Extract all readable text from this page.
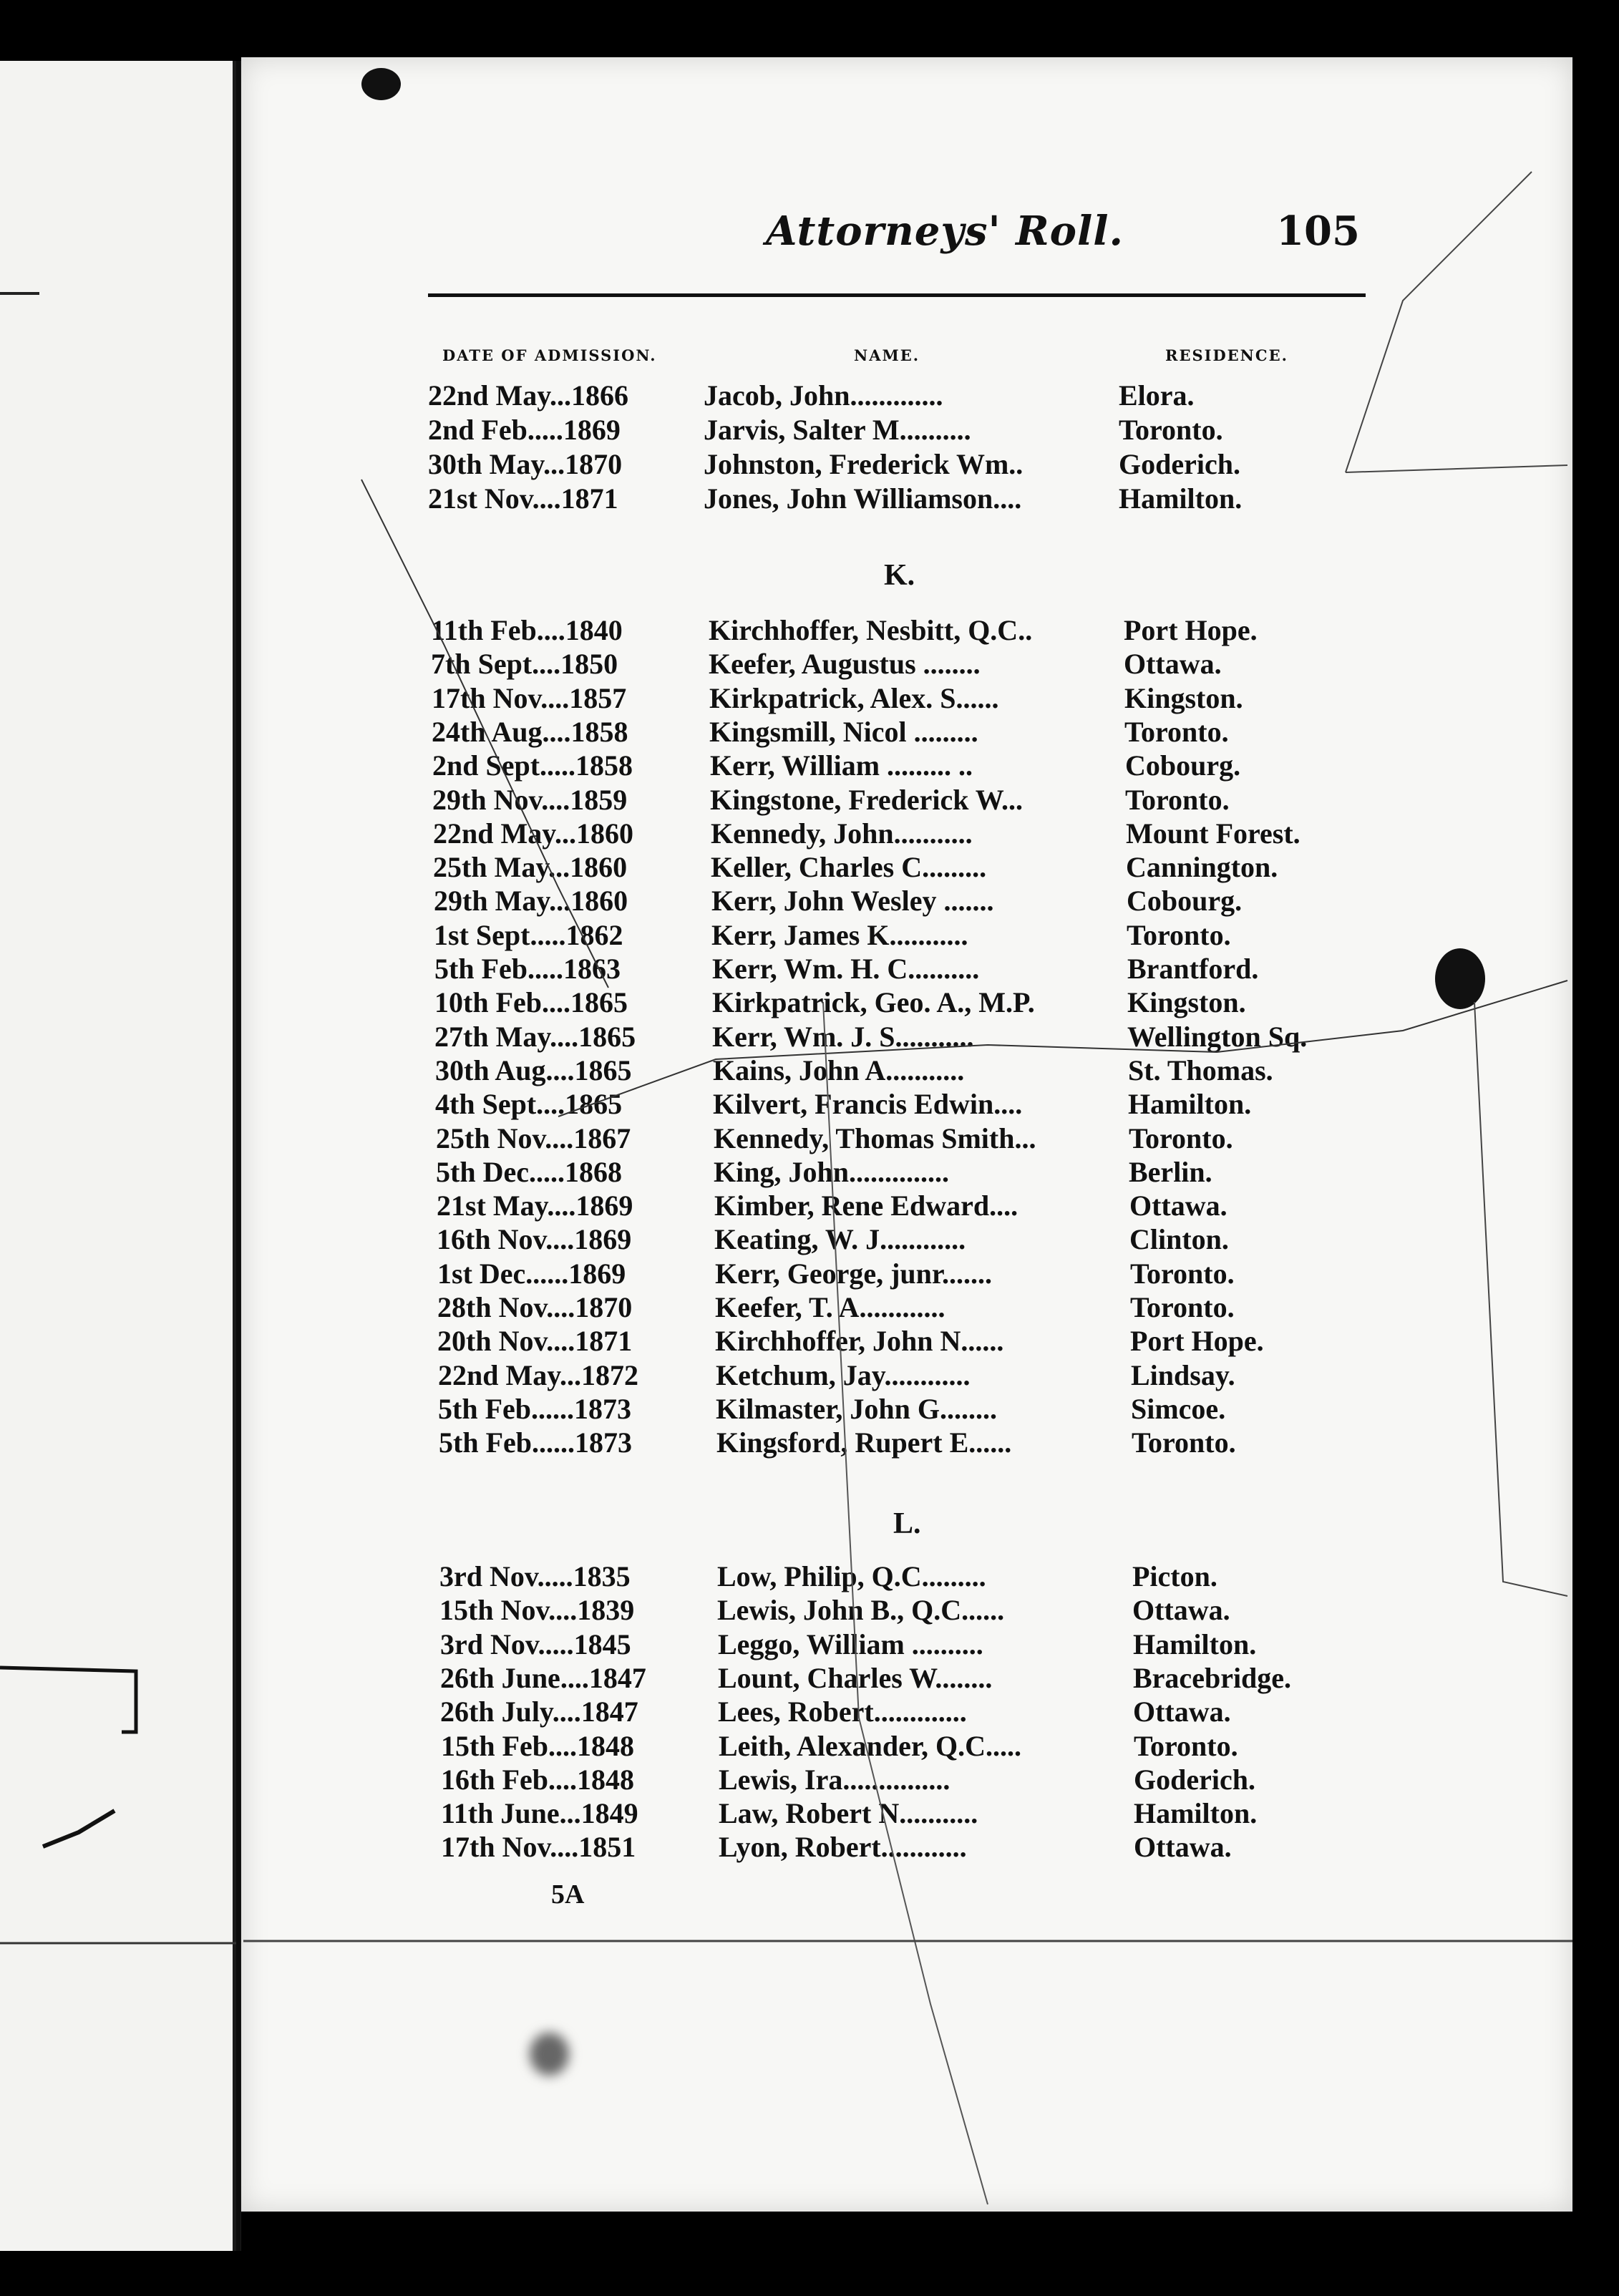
Attorneys' Roll.	105
DATE OF ADMISSION.	NAME.	RESIDENCE.
22nd May...1866	Jacob, John.............	Elora.
2nd Feb.....1869	Jarvis, Salter M..........	Toronto.
30th May...1870	Johnston, Frederick Wm..	Goderich.
21st Nov....1871	Jones, John Williamson....	Hamilton.
K.
11th Feb....1840	Kirchhoffer, Nesbitt, Q.C..	Port Hope.
7th Sept....1850	Keefer, Augustus ........	Ottawa.
17th Nov....1857	Kirkpatrick, Alex. S......	Kingston.
24th Aug....1858	Kingsmill, Nicol .........	Toronto.
2nd Sept.....1858	Kerr, William ......... ..	Cobourg.
29th Nov....1859	Kingstone, Frederick W...	Toronto.
22nd May...1860	Kennedy, John...........	Mount Forest.
25th May...1860	Keller, Charles C.........	Cannington.
29th May...1860	Kerr, John Wesley .......	Cobourg.
1st Sept.....1862	Kerr, James K...........	Toronto.
5th Feb.....1863	Kerr, Wm. H. C..........	Brantford.
10th Feb....1865	Kirkpatrick, Geo. A., M.P.	Kingston.
27th May....1865	Kerr, Wm. J. S...........	Wellington Sq.
30th Aug....1865	Kains, John A...........	St. Thomas.
4th Sept....1865	Kilvert, Francis Edwin....	Hamilton.
25th Nov....1867	Kennedy, Thomas Smith...	Toronto.
5th Dec.....1868	King, John..............	Berlin.
21st May....1869	Kimber, Rene Edward....	Ottawa.
16th Nov....1869	Keating, W. J............	Clinton.
1st Dec......1869	Kerr, George, junr.......	Toronto.
28th Nov....1870	Keefer, T. A............	Toronto.
20th Nov....1871	Kirchhoffer, John N......	Port Hope.
22nd May...1872	Ketchum, Jay............	Lindsay.
5th Feb......1873	Kilmaster, John G........	Simcoe.
5th Feb......1873	Kingsford, Rupert E......	Toronto.
L.
3rd Nov.....1835	Low, Philip, Q.C.........	Picton.
15th Nov....1839	Lewis, John B., Q.C......	Ottawa.
3rd Nov.....1845	Leggo, William ..........	Hamilton.
26th June....1847	Lount, Charles W........	Bracebridge.
26th July....1847	Lees, Robert.............	Ottawa.
15th Feb....1848	Leith, Alexander, Q.C.....	Toronto.
16th Feb....1848	Lewis, Ira...............	Goderich.
11th June...1849	Law, Robert N...........	Hamilton.
17th Nov....1851	Lyon, Robert............	Ottawa.
5A
